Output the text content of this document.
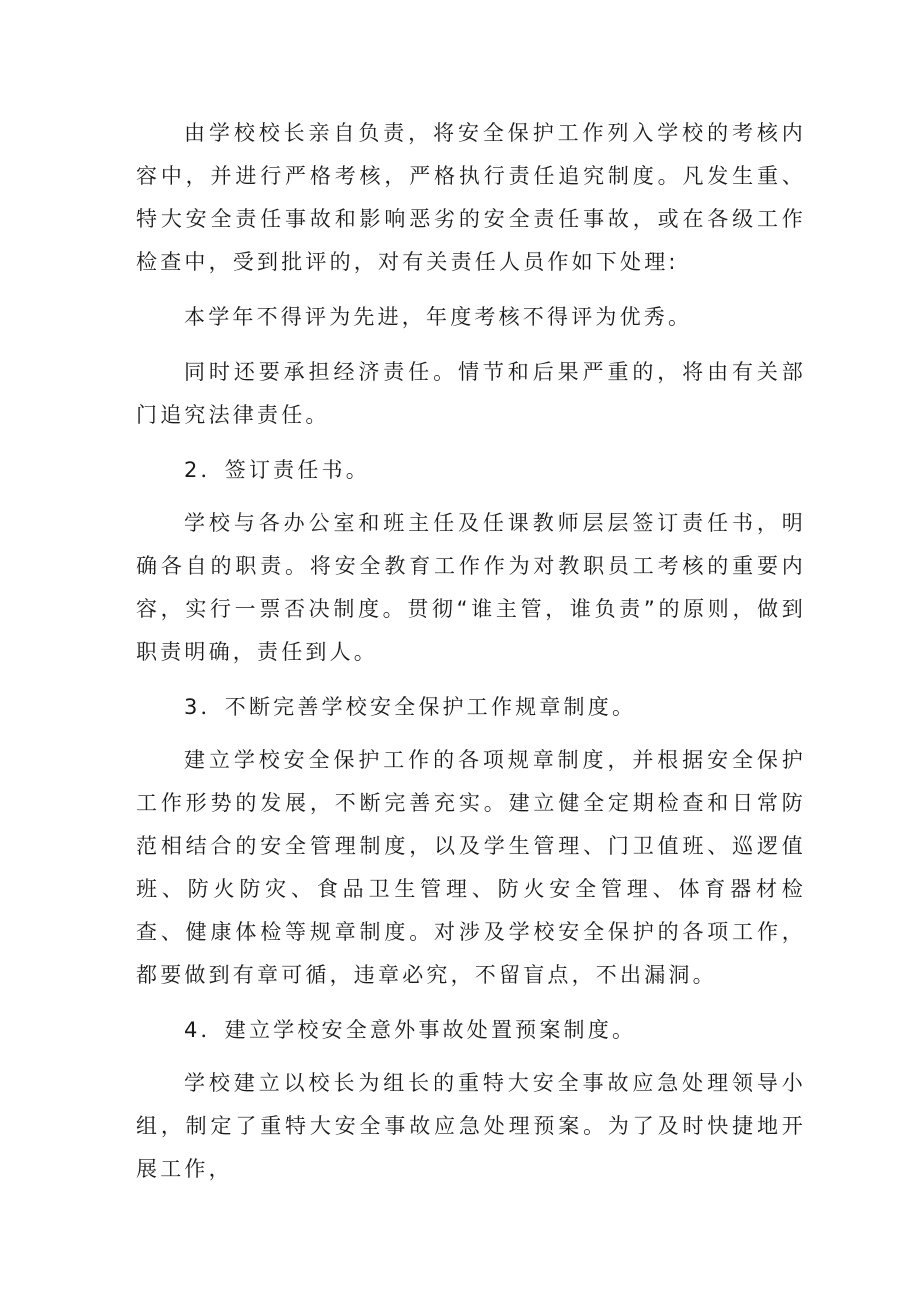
由学校校长亲自负责，将安全保护工作列入学校的考核内容中，并进行严格考核，严格执行责任追究制度。凡发生重、特大安全责任事故和影响恶劣的安全责任事故，或在各级工作检查中，受到批评的，对有关责任人员作如下处理:

本学年不得评为先进，年度考核不得评为优秀。

同时还要承担经济责任。情节和后果严重的，将由有关部门追究法律责任。

2．签订责任书。

学校与各办公室和班主任及任课教师层层签订责任书，明确各自的职责。将安全教育工作作为对教职员工考核的重要内容，实行一票否决制度。贯彻“谁主管，谁负责”的原则，做到职责明确，责任到人。

3．不断完善学校安全保护工作规章制度。

建立学校安全保护工作的各项规章制度，并根据安全保护工作形势的发展，不断完善充实。建立健全定期检查和日常防范相结合的安全管理制度，以及学生管理、门卫值班、巡逻值班、防火防灾、食品卫生管理、防火安全管理、体育器材检查、健康体检等规章制度。对涉及学校安全保护的各项工作，都要做到有章可循，违章必究，不留盲点，不出漏洞。

4．建立学校安全意外事故处置预案制度。

学校建立以校长为组长的重特大安全事故应急处理领导小组，制定了重特大安全事故应急处理预案。为了及时快捷地开展工作，
